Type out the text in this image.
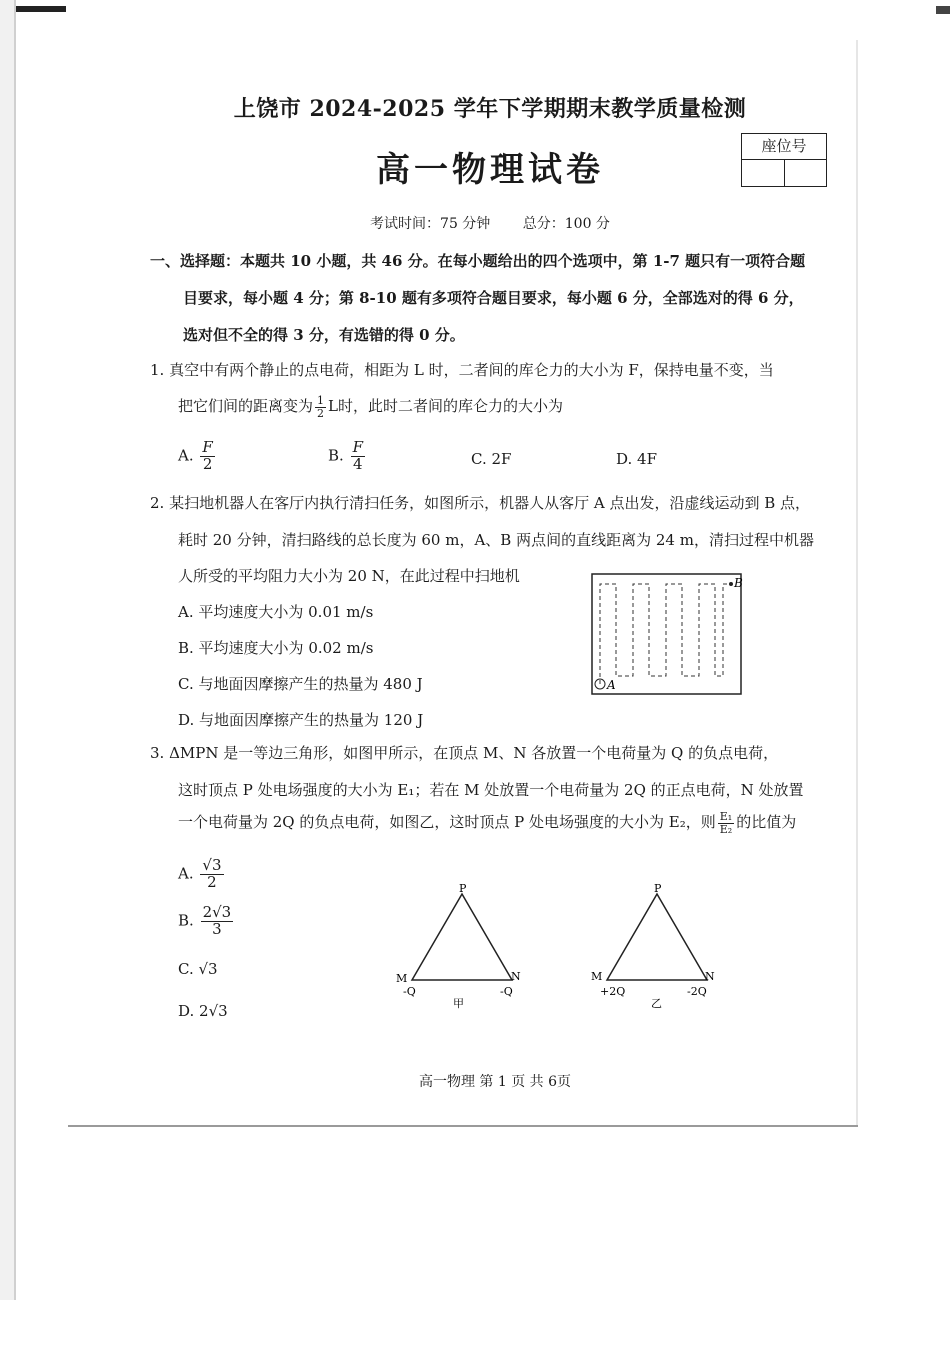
上饶市 2024-2025 学年下学期期末教学质量检测
高一物理试卷
座位号
考试时间：75 分钟 总分：100 分
一、选择题：本题共 10 小题，共 46 分。在每小题给出的四个选项中，第 1-7 题只有一项符合题
目要求，每小题 4 分；第 8-10 题有多项符合题目要求，每小题 6 分，全部选对的得 6 分，
选对但不全的得 3 分，有选错的得 0 分。
1. 真空中有两个静止的点电荷，相距为 L 时，二者间的库仑力的大小为 F，保持电量不变，当
把它们间的距离变为 $\frac{1}{2}$ L时，此时二者间的库仑力的大小为
A. $\frac{F}{2}$	B. $\frac{F}{4}$	C. 2F	D. 4F
2. 某扫地机器人在客厅内执行清扫任务，如图所示，机器人从客厅 A 点出发，沿虚线运动到 B 点，
耗时 20 分钟，清扫路线的总长度为 60 m，A、B 两点间的直线距离为 24 m，清扫过程中机器
人所受的平均阻力大小为 20 N，在此过程中扫地机
A. 平均速度大小为 0.01 m/s
B. 平均速度大小为 0.02 m/s
C. 与地面因摩擦产生的热量为 480 J
D. 与地面因摩擦产生的热量为 120 J
B
A
3. ΔMPN 是一等边三角形，如图甲所示，在顶点 M、N 各放置一个电荷量为 Q 的负点电荷，
这时顶点 P 处电场强度的大小为 E₁；若在 M 处放置一个电荷量为 2Q 的正点电荷，N 处放置
一个电荷量为 2Q 的负点电荷，如图乙，这时顶点 P 处电场强度的大小为 E₂，则 $\frac{\text{E₁}}{\text{E₂}}$ 的比值为
A. $\frac{√3}{2}$
B. $\frac{2√3}{3}$
C. √3
D. 2√3
P
M	N
-Q	-Q
甲
P
M	N
+2Q	-2Q
乙
高一物理 第 1 页 共 6页
